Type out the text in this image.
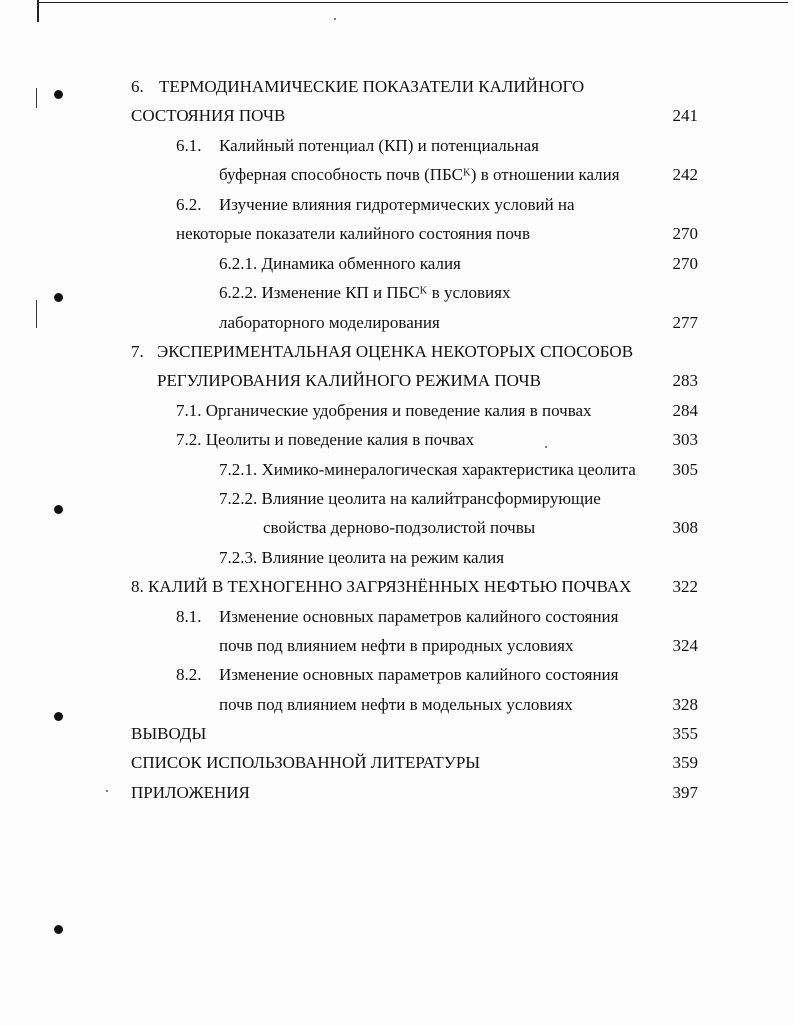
6. ТЕРМОДИНАМИЧЕСКИЕ ПОКАЗАТЕЛИ КАЛИЙНОГО
СОСТОЯНИЯ ПОЧВ	241
6.1. Калийный потенциал (КП) и потенциальная
буферная способность почв (ПБСᴷ) в отношении калия	242
6.2. Изучение влияния гидротермических условий на
некоторые показатели калийного состояния почв	270
6.2.1. Динамика обменного калия	270
6.2.2. Изменение КП и ПБСᴷ в условиях
лабораторного моделирования	277
7. ЭКСПЕРИМЕНТАЛЬНАЯ ОЦЕНКА НЕКОТОРЫХ СПОСОБОВ
РЕГУЛИРОВАНИЯ КАЛИЙНОГО РЕЖИМА ПОЧВ	283
7.1. Органические удобрения и поведение калия в почвах	284
7.2. Цеолиты и поведение калия в почвах	303
7.2.1. Химико-минералогическая характеристика цеолита	305
7.2.2. Влияние цеолита на калийтрансформирующие
свойства дерново-подзолистой почвы	308
7.2.3. Влияние цеолита на режим калия
8. КАЛИЙ В ТЕХНОГЕННО ЗАГРЯЗНЁННЫХ НЕФТЬЮ ПОЧВАХ	322
8.1. Изменение основных параметров калийного состояния
почв под влиянием нефти в природных условиях	324
8.2. Изменение основных параметров калийного состояния
почв под влиянием нефти в модельных условиях	328
ВЫВОДЫ	355
СПИСОК ИСПОЛЬЗОВАННОЙ ЛИТЕРАТУРЫ	359
ПРИЛОЖЕНИЯ	397
